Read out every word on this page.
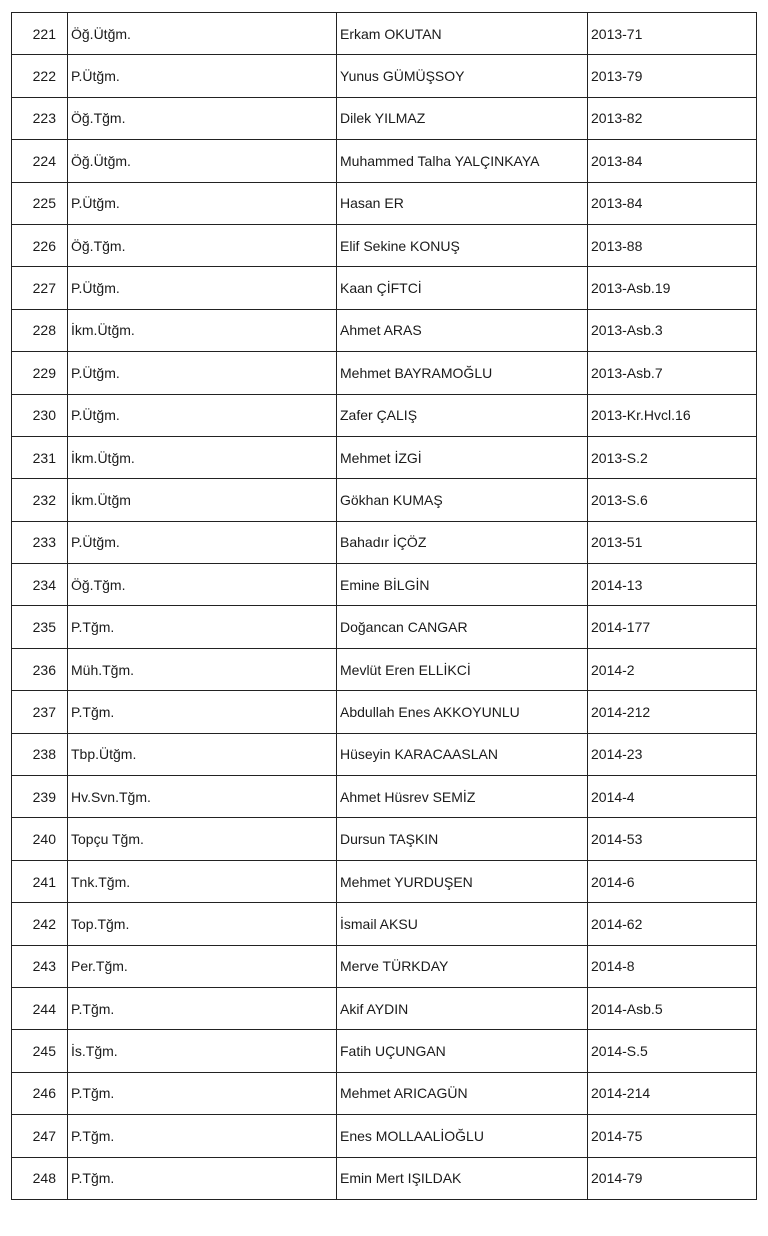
221	Öğ.Ütğm.	Erkam OKUTAN	2013-71
222	P.Ütğm.	Yunus GÜMÜŞSOY	2013-79
223	Öğ.Tğm.	Dilek YILMAZ	2013-82
224	Öğ.Ütğm.	Muhammed Talha YALÇINKAYA	2013-84
225	P.Ütğm.	Hasan ER	2013-84
226	Öğ.Tğm.	Elif Sekine KONUŞ	2013-88
227	P.Ütğm.	Kaan ÇİFTCİ	2013-Asb.19
228	İkm.Ütğm.	Ahmet ARAS	2013-Asb.3
229	P.Ütğm.	Mehmet BAYRAMOĞLU	2013-Asb.7
230	P.Ütğm.	Zafer ÇALIŞ	2013-Kr.Hvcl.16
231	İkm.Ütğm.	Mehmet İZGİ	2013-S.2
232	İkm.Ütğm	Gökhan KUMAŞ	2013-S.6
233	P.Ütğm.	Bahadır İÇÖZ	2013-51
234	Öğ.Tğm.	Emine BİLGİN	2014-13
235	P.Tğm.	Doğancan CANGAR	2014-177
236	Müh.Tğm.	Mevlüt Eren ELLİKCİ	2014-2
237	P.Tğm.	Abdullah Enes AKKOYUNLU	2014-212
238	Tbp.Ütğm.	Hüseyin KARACAASLAN	2014-23
239	Hv.Svn.Tğm.	Ahmet Hüsrev SEMİZ	2014-4
240	Topçu Tğm.	Dursun TAŞKIN	2014-53
241	Tnk.Tğm.	Mehmet YURDUŞEN	2014-6
242	Top.Tğm.	İsmail AKSU	2014-62
243	Per.Tğm.	Merve TÜRKDAY	2014-8
244	P.Tğm.	Akif AYDIN	2014-Asb.5
245	İs.Tğm.	Fatih UÇUNGAN	2014-S.5
246	P.Tğm.	Mehmet ARICAGÜN	2014-214
247	P.Tğm.	Enes MOLLAALİOĞLU	2014-75
248	P.Tğm.	Emin Mert IŞILDAK	2014-79
